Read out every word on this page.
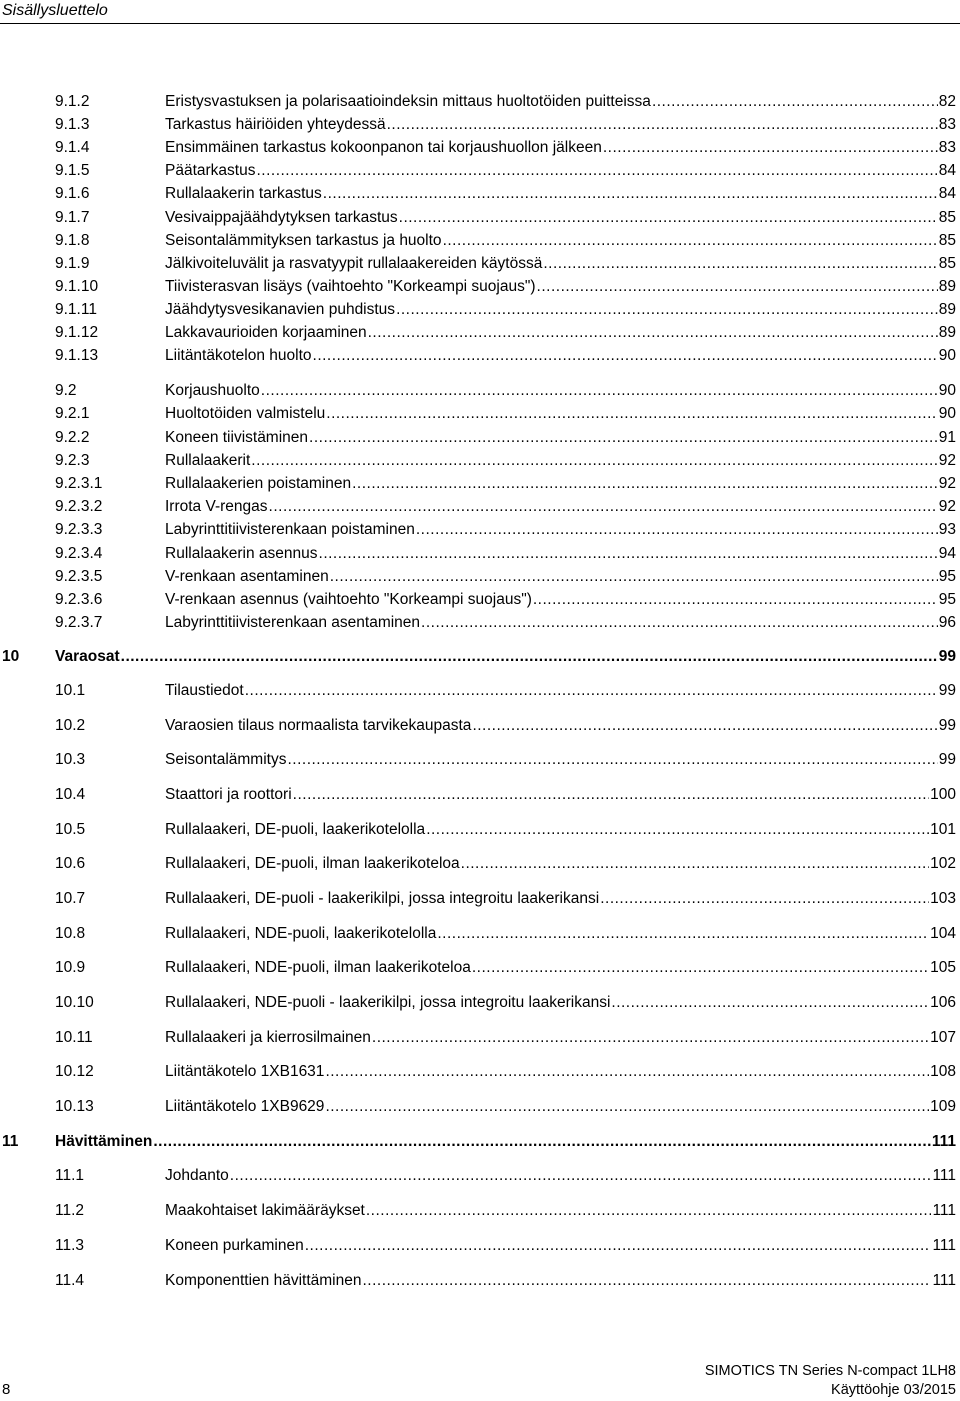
Sisällysluettelo
9.1.2	Eristysvastuksen ja polarisaatioindeksin mittaus huoltotöiden puitteissa .....	82
9.1.3	Tarkastus häiriöiden yhteydessä .....	83
9.1.4	Ensimmäinen tarkastus kokoonpanon tai korjaushuollon jälkeen .....	83
9.1.5	Päätarkastus .....	84
9.1.6	Rullalaakerin tarkastus .....	84
9.1.7	Vesivaippajäähdytyksen tarkastus .....	85
9.1.8	Seisontalämmityksen tarkastus ja huolto .....	85
9.1.9	Jälkivoiteluvälit ja rasvatyypit rullalaakereiden käytössä .....	85
9.1.10	Tiivisterasvan lisäys (vaihtoehto "Korkeampi suojaus") .....	89
9.1.11	Jäähdytysvesikanavien puhdistus .....	89
9.1.12	Lakkavaurioiden korjaaminen .....	89
9.1.13	Liitäntäkotelon huolto .....	90
9.2	Korjaushuolto .....	90
9.2.1	Huoltotöiden valmistelu .....	90
9.2.2	Koneen tiivistäminen .....	91
9.2.3	Rullalaakerit .....	92
9.2.3.1	Rullalaakerien poistaminen .....	92
9.2.3.2	Irrota V-rengas .....	92
9.2.3.3	Labyrinttitiivisterenkaan poistaminen .....	93
9.2.3.4	Rullalaakerin asennus .....	94
9.2.3.5	V-renkaan asentaminen .....	95
9.2.3.6	V-renkaan asennus (vaihtoehto "Korkeampi suojaus") .....	95
9.2.3.7	Labyrinttitiivisterenkaan asentaminen .....	96
10 Varaosat .....	99
10.1	Tilaustiedot .....	99
10.2	Varaosien tilaus normaalista tarvikekaupasta .....	99
10.3	Seisontalämmitys .....	99
10.4	Staattori ja roottori .....	100
10.5	Rullalaakeri, DE-puoli, laakerikotelolla .....	101
10.6	Rullalaakeri, DE-puoli, ilman laakerikoteloa .....	102
10.7	Rullalaakeri, DE-puoli - laakerikilpi, jossa integroitu laakerikansi .....	103
10.8	Rullalaakeri, NDE-puoli, laakerikotelolla .....	104
10.9	Rullalaakeri, NDE-puoli, ilman laakerikoteloa .....	105
10.10	Rullalaakeri, NDE-puoli - laakerikilpi, jossa integroitu laakerikansi .....	106
10.11	Rullalaakeri ja kierrosilmainen .....	107
10.12	Liitäntäkotelo 1XB1631 .....	108
10.13	Liitäntäkotelo 1XB9629 .....	109
11 Hävittäminen .....	111
11.1	Johdanto .....	111
11.2	Maakohtaiset lakimääräykset .....	111
11.3	Koneen purkaminen .....	111
11.4	Komponenttien hävittäminen .....	111
SIMOTICS TN Series N-compact 1LH8
Käyttöohje 03/2015
8
